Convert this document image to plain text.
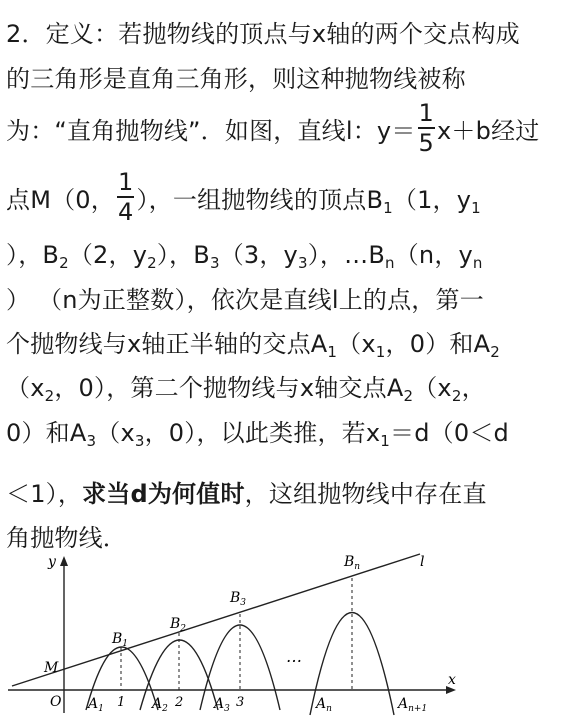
2．定义：若抛物线的顶点与x轴的两个交点构成
的三角形是直角三角形，则这种抛物线被称
为：“直角抛物线”．如图，直线l：$y= \frac{1}{5} x+b$经过
点M（0， $\frac{1}{4}$ ），一组抛物线的顶点$B_1(1$，$y_1$
），$B_2(2$，$y_2$），$B_3(3$，$y_3$），$\dots B_n(n$，$y_n$
） （n为正整数），依次是直线l上的点，第一
个抛物线与x轴正半轴的交点$A_1(x_1$，0）和$A_2$
（$x_2$，0），第二个抛物线与x轴交点$A_2(x_2$，
0）和$A_3(x_3$，0），以此类推，若$x_1=d(0<d$
＜1），求当d为何值时，这组抛物线中存在直
角抛物线．
y
x
l
M
O
$B_1$
$B_2$
$B_3$
$B_n$
$A_1$	$A_2$	$A_3$	$A_n$	$A_{n+1}$
1	2	3
…
